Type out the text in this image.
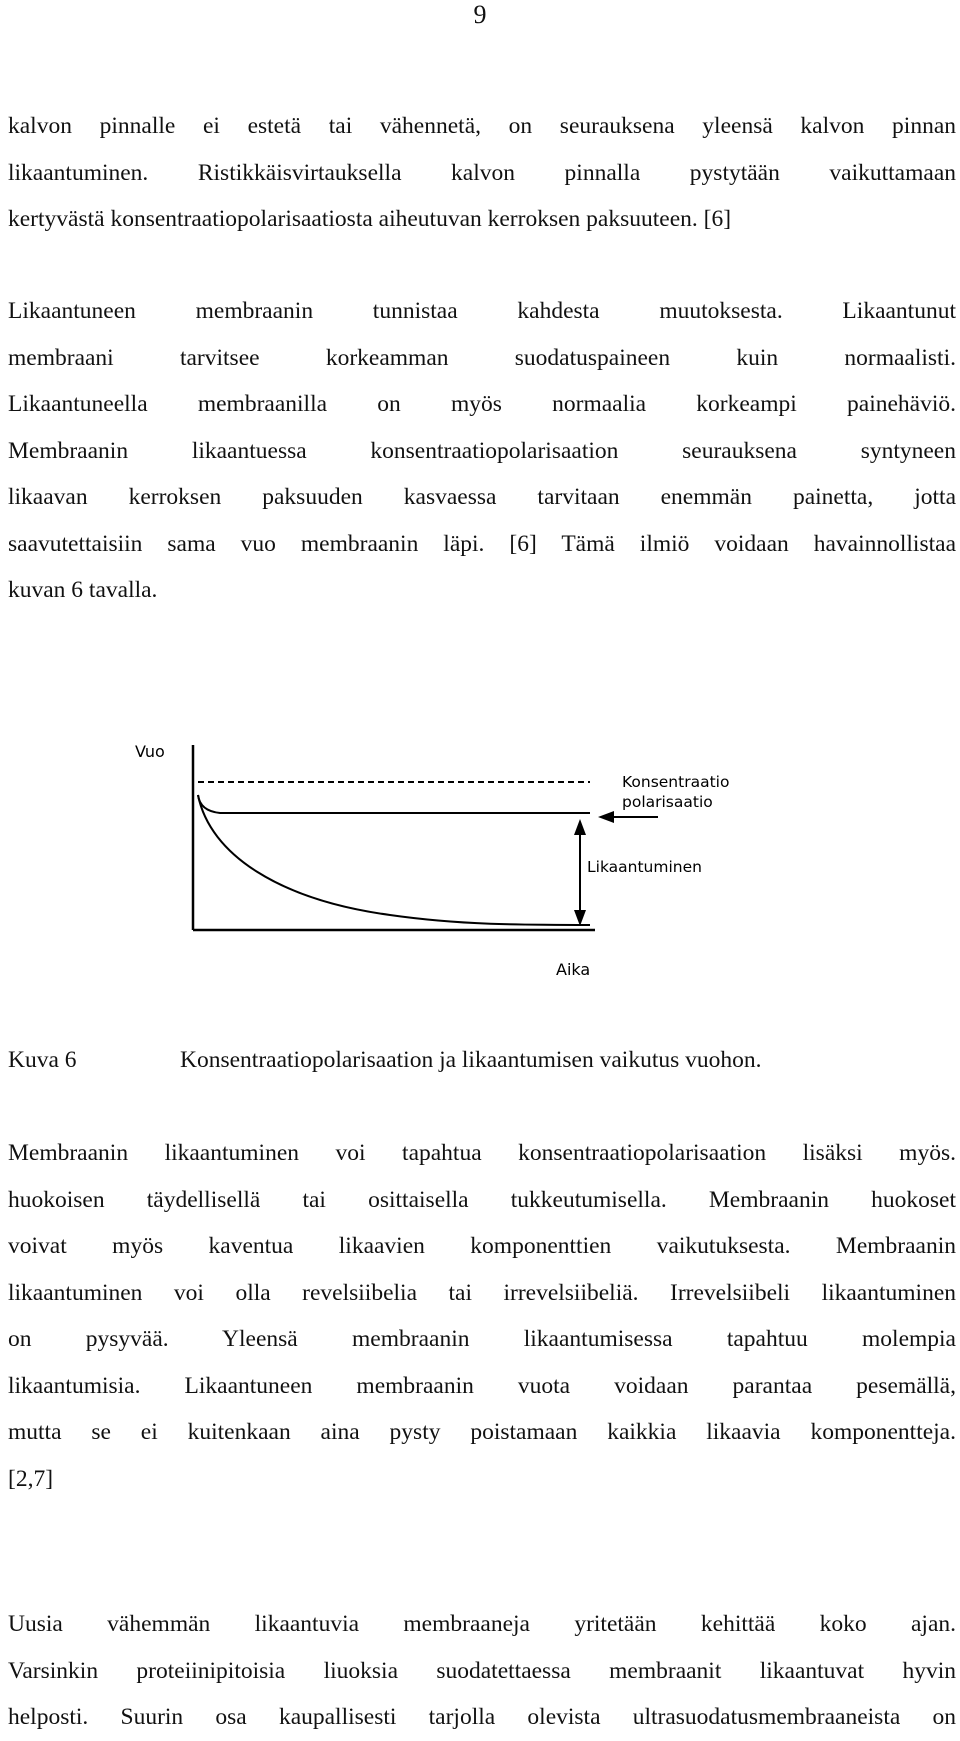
9
kalvon pinnalle ei estetä tai vähennetä, on seurauksena yleensä kalvon pinnan
likaantuminen. Ristikkäisvirtauksella kalvon pinnalla pystytään vaikuttamaan
kertyvästä konsentraatiopolarisaatiosta aiheutuvan kerroksen paksuuteen. [6]
Likaantuneen membraanin tunnistaa kahdesta muutoksesta. Likaantunut
membraani tarvitsee korkeamman suodatuspaineen kuin normaalisti.
Likaantuneella membraanilla on myös normaalia korkeampi painehäviö.
Membraanin likaantuessa konsentraatiopolarisaation seurauksena syntyneen
likaavan kerroksen paksuuden kasvaessa tarvitaan enemmän painetta, jotta
saavutettaisiin sama vuo membraanin läpi. [6] Tämä ilmiö voidaan havainnollistaa
kuvan 6 tavalla.
Vuo
Aika
Konsentraatio
polarisaatio
Likaantuminen
Kuva 6	Konsentraatiopolarisaation ja likaantumisen vaikutus vuohon.
Membraanin likaantuminen voi tapahtua konsentraatiopolarisaation lisäksi myös.
huokoisen täydellisellä tai osittaisella tukkeutumisella. Membraanin huokoset
voivat myös kaventua likaavien komponenttien vaikutuksesta. Membraanin
likaantuminen voi olla revelsiibelia tai irrevelsiibeliä. Irrevelsiibeli likaantuminen
on pysyvää. Yleensä membraanin likaantumisessa tapahtuu molempia
likaantumisia. Likaantuneen membraanin vuota voidaan parantaa pesemällä,
mutta se ei kuitenkaan aina pysty poistamaan kaikkia likaavia komponentteja.
[2,7]
Uusia vähemmän likaantuvia membraaneja yritetään kehittää koko ajan.
Varsinkin proteiinipitoisia liuoksia suodatettaessa membraanit likaantuvat hyvin
helposti. Suurin osa kaupallisesti tarjolla olevista ultrasuodatusmembraaneista on
